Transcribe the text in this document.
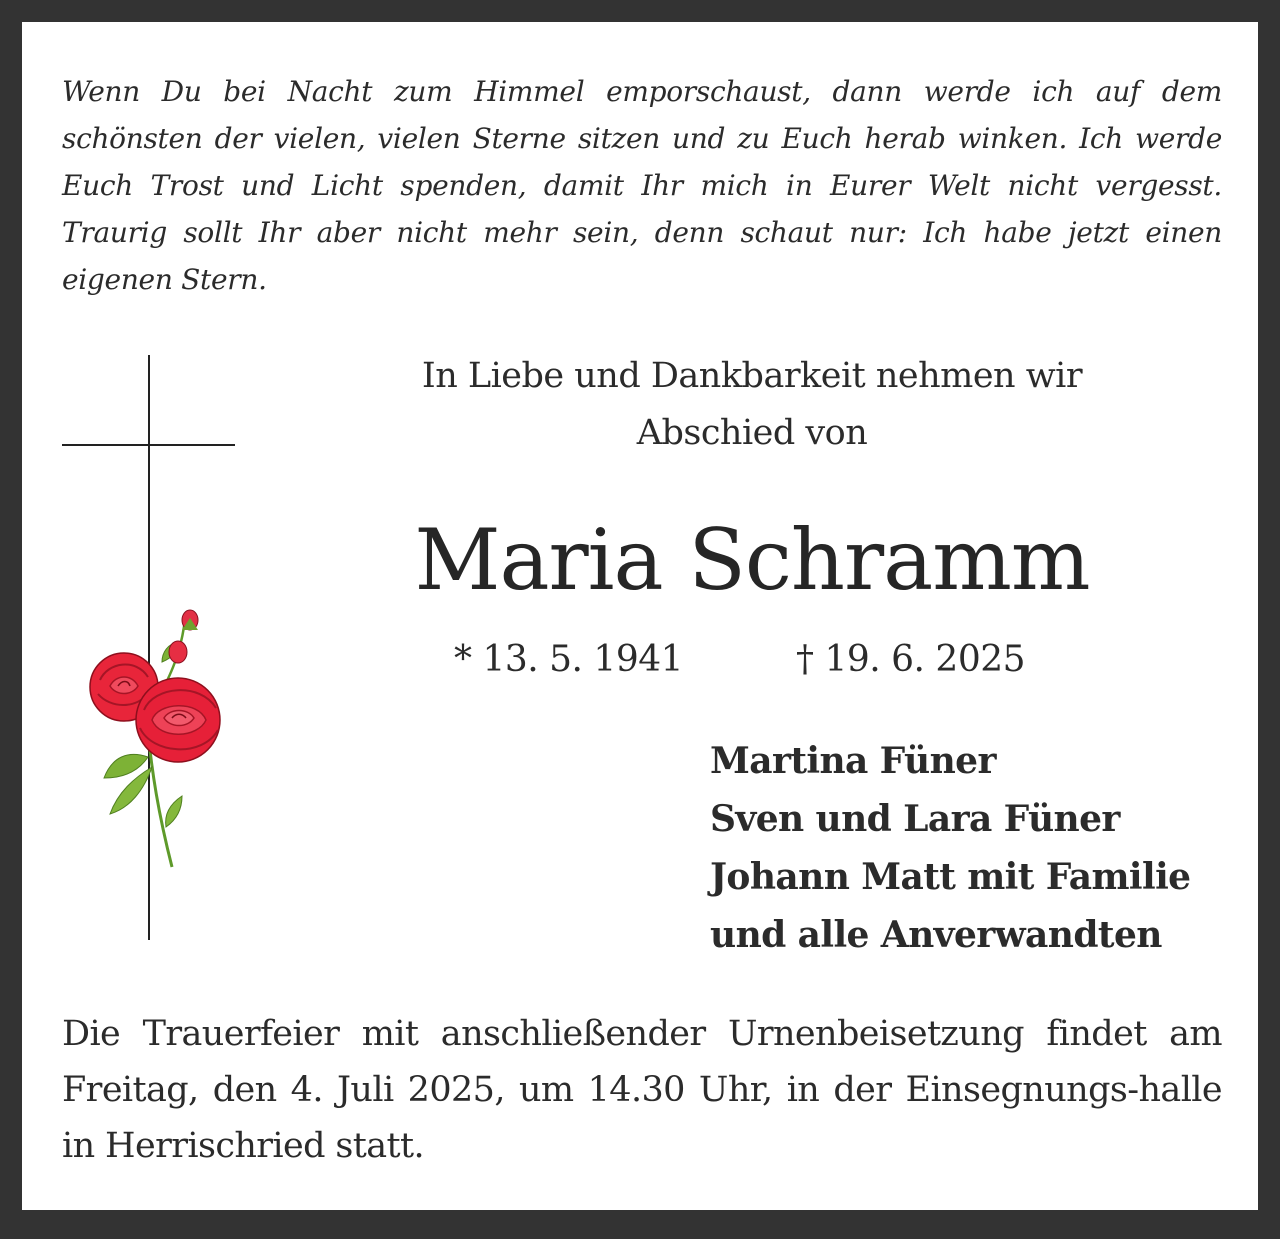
Wenn Du bei Nacht zum Himmel emporschaust, dann werde ich auf dem schönsten der vielen, vielen Sterne sitzen und zu Euch herab winken. Ich werde Euch Trost und Licht spenden, damit Ihr mich in Eurer Welt nicht vergesst. Traurig sollt Ihr aber nicht mehr sein, denn schaut nur: Ich habe jetzt einen eigenen Stern.

In Liebe und Dankbarkeit nehmen wir
Abschied von
Maria Schramm
* 13. 5. 1941	† 19. 6. 2025
Martina Füner
Sven und Lara Füner
Johann Matt mit Familie
und alle Anverwandten

Die Trauerfeier mit anschließender Urnenbeisetzung findet am Freitag, den 4. Juli 2025, um 14.30 Uhr, in der Einsegnungs-halle in Herrischried statt.
